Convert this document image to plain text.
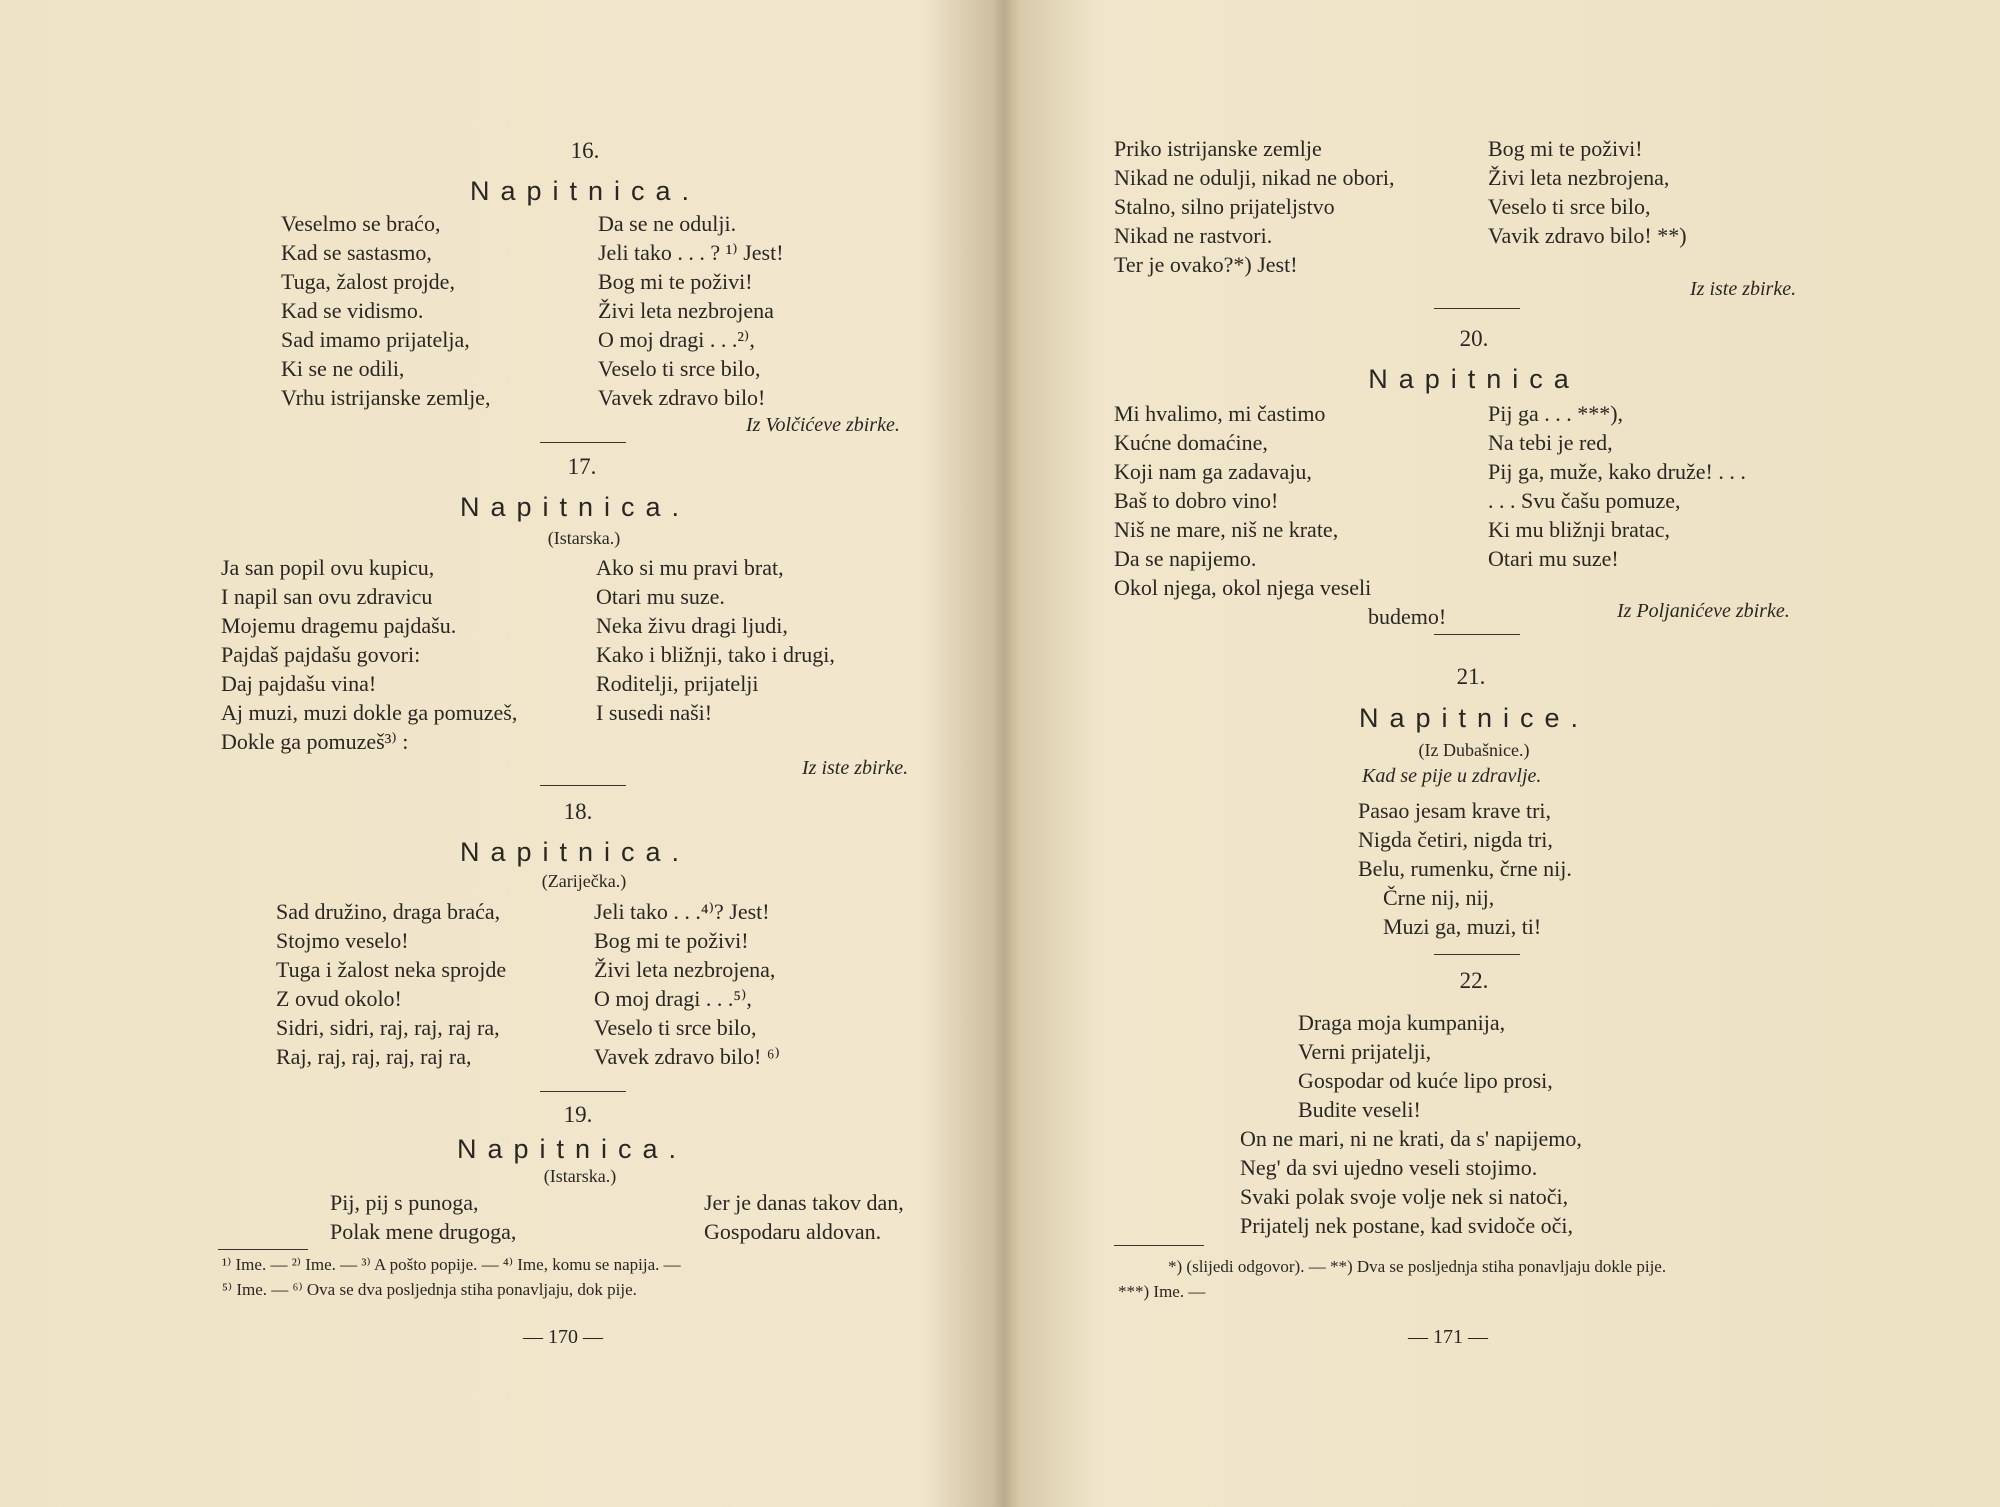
16.
Napitnica.
Veselmo se braćo,
Kad se sastasmo,
Tuga, žalost projde,
Kad se vidismo.
Sad imamo prijatelja,
Ki se ne odili,
Vrhu istrijanske zemlje,
Da se ne odulji.
Jeli tako . . . ? ¹⁾ Jest!
Bog mi te poživi!
Živi leta nezbrojena
O moj dragi . . .²⁾,
Veselo ti srce bilo,
Vavek zdravo bilo!
Iz Volčićeve zbirke.
17.
Napitnica.
(Istarska.)
Ja san popil ovu kupicu,
I napil san ovu zdravicu
Mojemu dragemu pajdašu.
Pajdaš pajdašu govori:
Daj pajdašu vina!
Aj muzi, muzi dokle ga pomuzeš,
Dokle ga pomuzeš³⁾ :
Ako si mu pravi brat,
Otari mu suze.
Neka živu dragi ljudi,
Kako i bližnji, tako i drugi,
Roditelji, prijatelji
I susedi naši!
Iz iste zbirke.
18.
Napitnica.
(Zariječka.)
Sad družino, draga braća,
Stojmo veselo!
Tuga i žalost neka sprojde
Z ovud okolo!
Sidri, sidri, raj, raj, raj ra,
Raj, raj, raj, raj, raj ra,
Jeli tako . . .⁴⁾? Jest!
Bog mi te poživi!
Živi leta nezbrojena,
O moj dragi . . .⁵⁾,
Veselo ti srce bilo,
Vavek zdravo bilo! ⁶⁾
19.
Napitnica.
(Istarska.)
Pij, pij s punoga,
Polak mene drugoga,
Jer je danas takov dan,
Gospodaru aldovan.
¹⁾ Ime. — ²⁾ Ime. — ³⁾ A pošto popije. — ⁴⁾ Ime, komu se napija. —
⁵⁾ Ime. — ⁶⁾ Ova se dva posljednja stiha ponavljaju, dok pije.
— 170 —
Priko istrijanske zemlje
Nikad ne odulji, nikad ne obori,
Stalno, silno prijateljstvo
Nikad ne rastvori.
Ter je ovako?*) Jest!
Bog mi te poživi!
Živi leta nezbrojena,
Veselo ti srce bilo,
Vavik zdravo bilo! **)
Iz iste zbirke.
20.
Napitnica
Mi hvalimo, mi častimo
Kućne domaćine,
Koji nam ga zadavaju,
Baš to dobro vino!
Niš ne mare, niš ne krate,
Da se napijemo.
Okol njega, okol njega veseli
budemo!
Pij ga . . . ***),
Na tebi je red,
Pij ga, muže, kako druže! . . .
. . . Svu čašu pomuze,
Ki mu bližnji bratac,
Otari mu suze!
Iz Poljanićeve zbirke.
21.
Napitnice.
(Iz Dubašnice.)
Kad se pije u zdravlje.
Pasao jesam krave tri,
Nigda četiri, nigda tri,
Belu, rumenku, črne nij.
Črne nij, nij,
Muzi ga, muzi, ti!
22.
Draga moja kumpanija,
Verni prijatelji,
Gospodar od kuće lipo prosi,
Budite veseli!
On ne mari, ni ne krati, da s' napijemo,
Neg' da svi ujedno veseli stojimo.
Svaki polak svoje volje nek si natoči,
Prijatelj nek postane, kad svidoče oči,
*) (slijedi odgovor). — **) Dva se posljednja stiha ponavljaju dokle pije.
***) Ime. —
— 171 —
